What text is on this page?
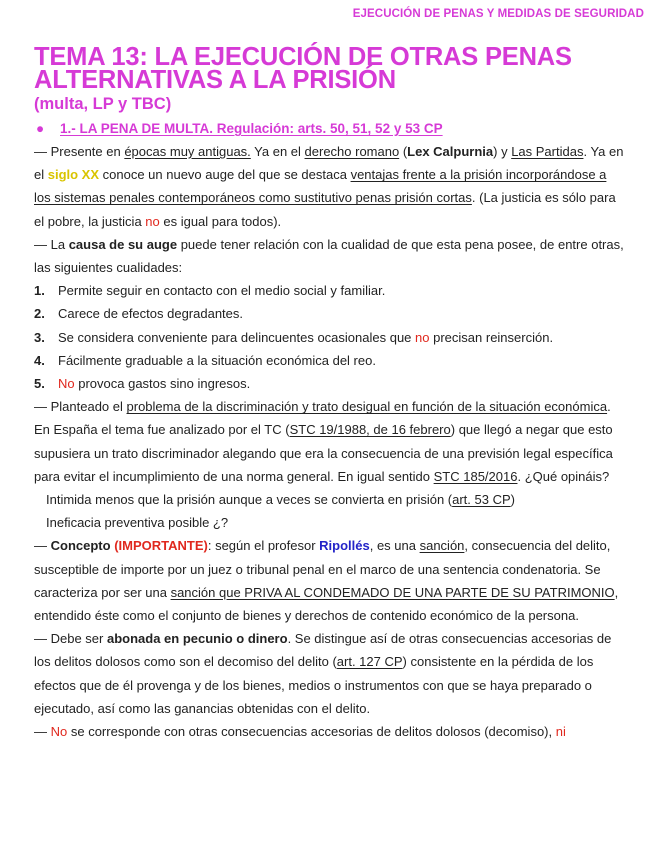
EJECUCIÓN DE PENAS Y MEDIDAS DE SEGURIDAD
TEMA 13: LA EJECUCIÓN DE OTRAS PENAS
ALTERNATIVAS A LA PRISIÓN
(multa, LP y TBC)
●	1.- LA PENA DE MULTA. Regulación: arts. 50, 51, 52 y 53 CP

— Presente en épocas muy antiguas. Ya en el derecho romano (Lex Calpurnia) y Las Partidas. Ya en el siglo XX conoce un nuevo auge del que se destaca ventajas frente a la prisión incorporándose a los sistemas penales contemporáneos como sustitutivo penas prisión cortas. (La justicia es sólo para el pobre, la justicia no es igual para todos).

— La causa de su auge puede tener relación con la cualidad de que esta pena posee, de entre otras, las siguientes cualidades:

1.	Permite seguir en contacto con el medio social y familiar.
2.	Carece de efectos degradantes.
3.	Se considera conveniente para delincuentes ocasionales que no precisan reinserción.
4.	Fácilmente graduable a la situación económica del reo.
5.	No provoca gastos sino ingresos.

— Planteado el problema de la discriminación y trato desigual en función de la situación económica. En España el tema fue analizado por el TC (STC 19/1988, de 16 febrero) que llegó a negar que esto supusiera un trato discriminador alegando que era la consecuencia de una previsión legal específica para evitar el incumplimiento de una norma general. En igual sentido STC 185/2016. ¿Qué opináis?

Intimida menos que la prisión aunque a veces se convierta en prisión (art. 53 CP)

Ineficacia preventiva posible ¿?

— Concepto (IMPORTANTE): según el profesor Ripollés, es una sanción, consecuencia del delito, susceptible de importe por un juez o tribunal penal en el marco de una sentencia condenatoria. Se caracteriza por ser una sanción que PRIVA AL CONDEMADO DE UNA PARTE DE SU PATRIMONIO, entendido éste como el conjunto de bienes y derechos de contenido económico de la persona.

— Debe ser abonada en pecunio o dinero. Se distingue así de otras consecuencias accesorias de los delitos dolosos como son el decomiso del delito (art. 127 CP) consistente en la pérdida de los efectos que de él provenga y de los bienes, medios o instrumentos con que se haya preparado o ejecutado, así como las ganancias obtenidas con el delito.

— No se corresponde con otras consecuencias accesorias de delitos dolosos (decomiso), ni
